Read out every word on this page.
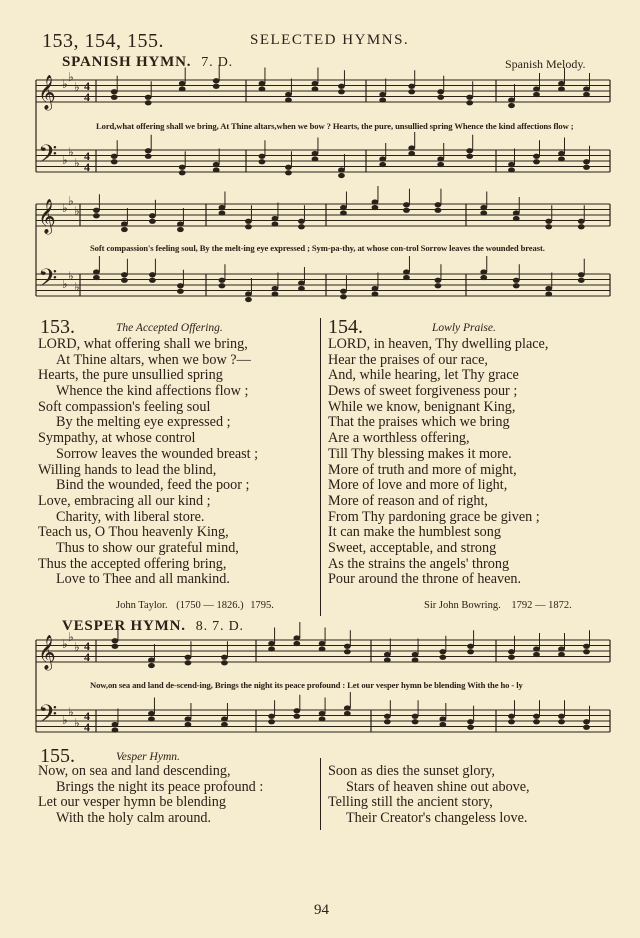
153, 154, 155.	SELECTED HYMNS.
SPANISH HYMN. 7. D.	Spanish Melody.
𝄞 ♭ ♭
♭
𝄢 ♭
♭
♭
4
4
4
4
Lord,what offering shall we bring, At Thine altars,when we bow ? Hearts, the pure, unsullied spring Whence the kind affections flow ;
𝄞 ♭ ♭
♭
𝄢 ♭
♭
♭
Soft compassion's feeling soul, By the melt-ing eye expressed ; Sym-pa-thy, at whose con-trol Sorrow leaves the wounded breast.
153.	The Accepted Offering.
LORD, what offering shall we bring,
At Thine altars, when we bow ?—
Hearts, the pure unsullied spring
Whence the kind affections flow ;
Soft compassion's feeling soul
By the melting eye expressed ;
Sympathy, at whose control
Sorrow leaves the wounded breast ;
Willing hands to lead the blind,
Bind the wounded, feed the poor ;
Love, embracing all our kind ;
Charity, with liberal store.
Teach us, O Thou heavenly King,
Thus to show our grateful mind,
Thus the accepted offering bring,
Love to Thee and all mankind.
John Taylor. (1750 — 1826.) 1795.
154.	Lowly Praise.
LORD, in heaven, Thy dwelling place,
Hear the praises of our race,
And, while hearing, let Thy grace
Dews of sweet forgiveness pour ;
While we know, benignant King,
That the praises which we bring
Are a worthless offering,
Till Thy blessing makes it more.
More of truth and more of might,
More of love and more of light,
More of reason and of right,
From Thy pardoning grace be given ;
It can make the humblest song
Sweet, acceptable, and strong
As the strains the angels' throng
Pour around the throne of heaven.
Sir John Bowring. 1792 — 1872.
VESPER HYMN. 8. 7. D.
𝄞 ♭ ♭
♭
𝄢 ♭
♭
♭
4
4
4
4
Now,on sea and land de-scend-ing, Brings the night its peace profound : Let our vesper hymn be blending With the ho - ly
155.	Vesper Hymn.
Now, on sea and land descending,
Brings the night its peace profound :
Let our vesper hymn be blending
With the holy calm around.
Soon as dies the sunset glory,
Stars of heaven shine out above,
Telling still the ancient story,
Their Creator's changeless love.
94
